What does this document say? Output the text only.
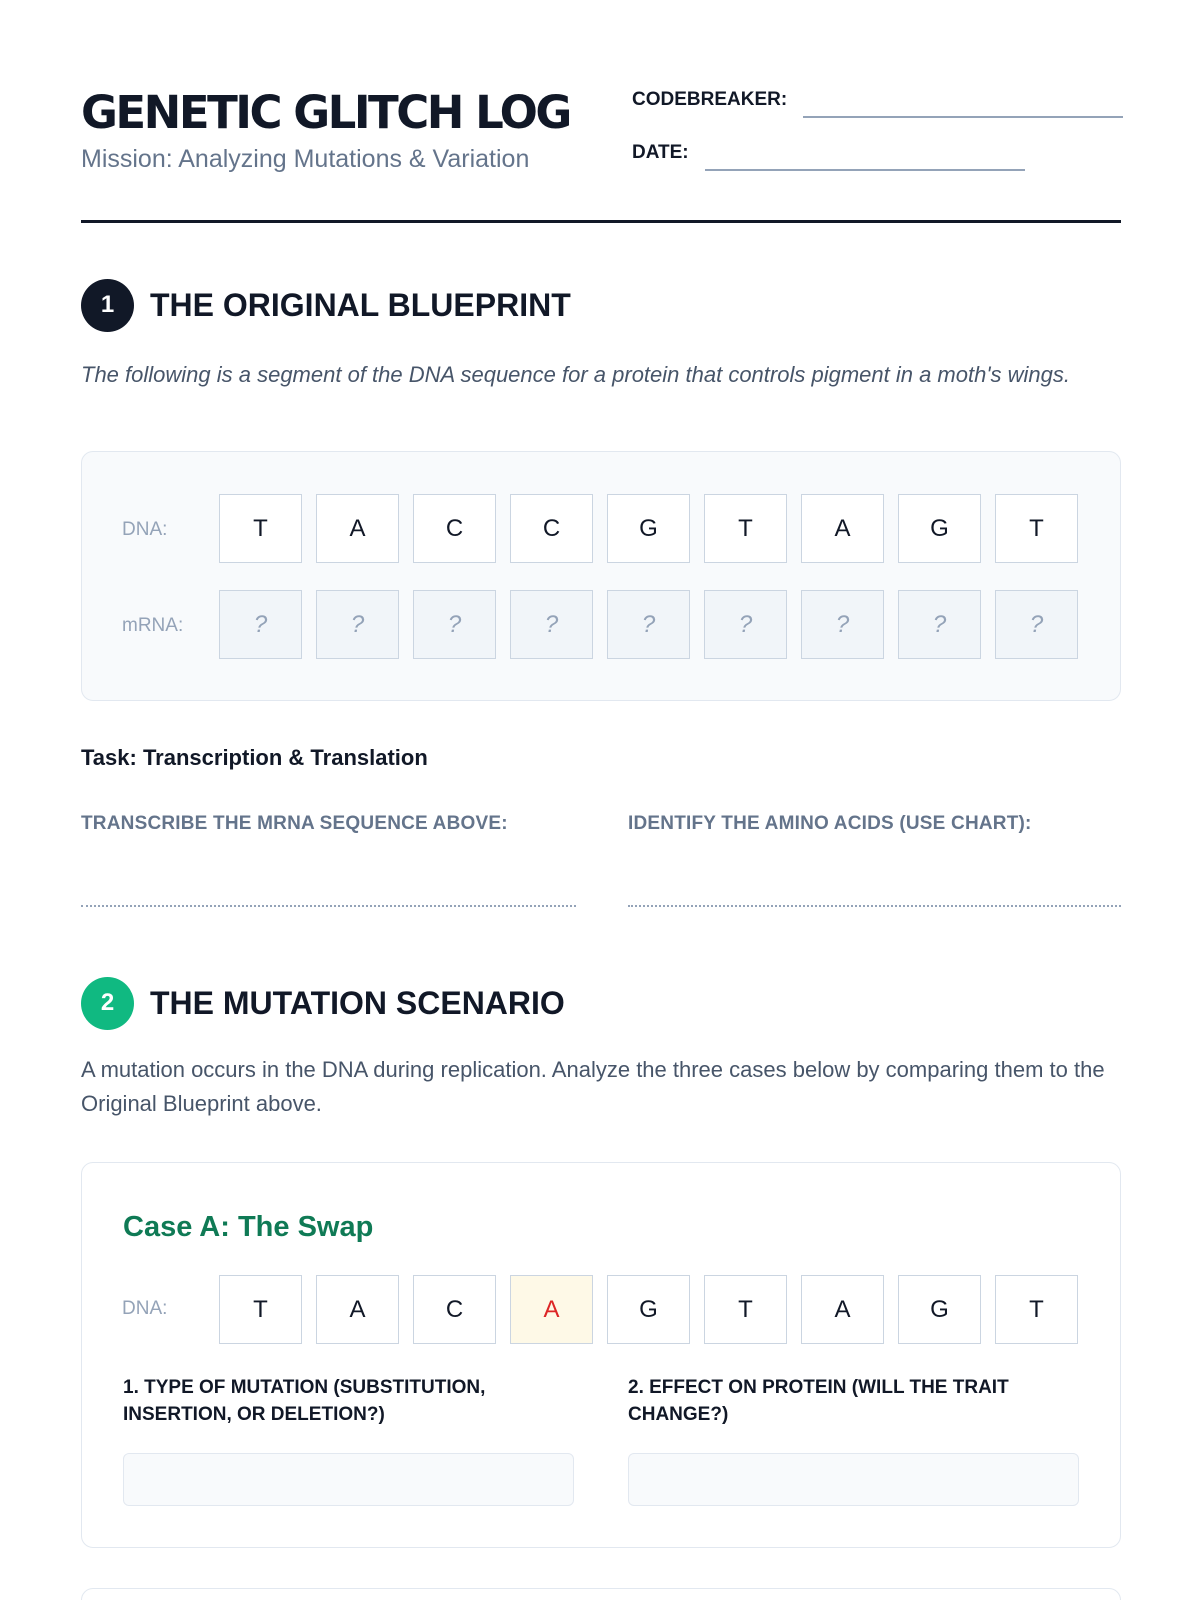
GENETIC GLITCH LOG
Mission: Analyzing Mutations & Variation
CODEBREAKER:
DATE:
1	THE ORIGINAL BLUEPRINT
The following is a segment of the DNA sequence for a protein that controls pigment in a moth's wings.
DNA:	T	A	C	C	G	T	A	G	T
mRNA:	?	?	?	?	?	?	?	?	?
Task: Transcription & Translation
TRANSCRIBE THE MRNA SEQUENCE ABOVE:	IDENTIFY THE AMINO ACIDS (USE CHART):
2	THE MUTATION SCENARIO
A mutation occurs in the DNA during replication. Analyze the three cases below by comparing them to the Original Blueprint above.
Case A: The Swap
DNA:	T	A	C	A	G	T	A	G	T
1. TYPE OF MUTATION (SUBSTITUTION, INSERTION, OR DELETION?)
2. EFFECT ON PROTEIN (WILL THE TRAIT CHANGE?)
